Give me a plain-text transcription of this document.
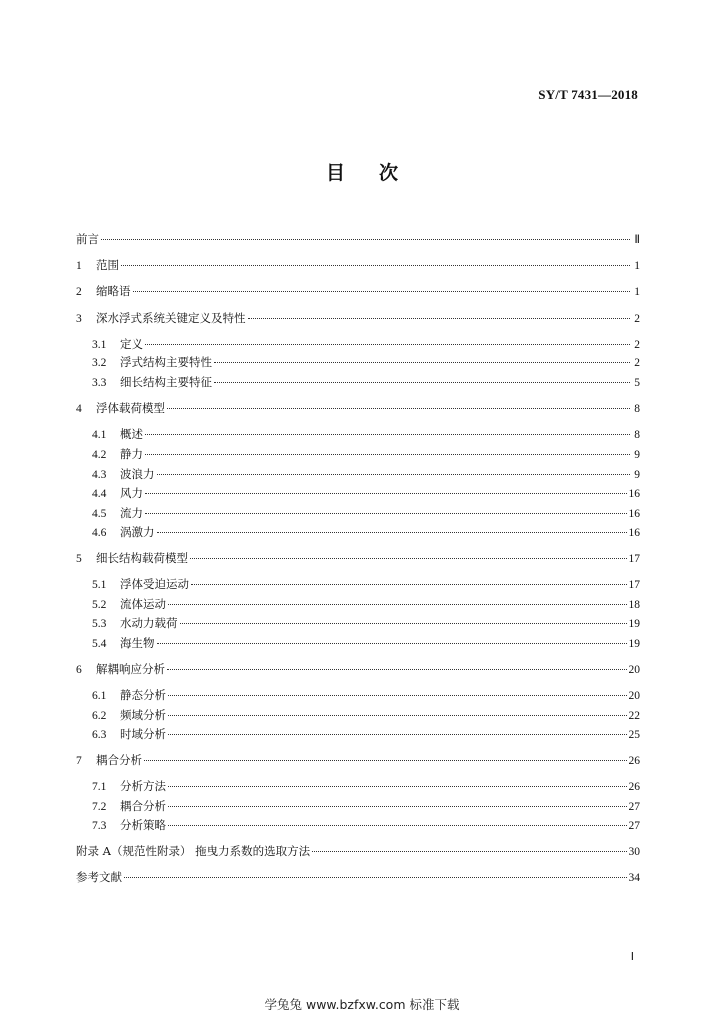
SY/T 7431—2018
目次
前言	Ⅱ
1	范围	1
2	缩略语	1
3	深水浮式系统关键定义及特性	2
3.1	定义	2
3.2	浮式结构主要特性	2
3.3	细长结构主要特征	5
4	浮体载荷模型	8
4.1	概述	8
4.2	静力	9
4.3	波浪力	9
4.4	风力	16
4.5	流力	16
4.6	涡激力	16
5	细长结构载荷模型	17
5.1	浮体受迫运动	17
5.2	流体运动	18
5.3	水动力载荷	19
5.4	海生物	19
6	解耦响应分析	20
6.1	静态分析	20
6.2	频域分析	22
6.3	时域分析	25
7	耦合分析	26
7.1	分析方法	26
7.2	耦合分析	27
7.3	分析策略	27
附录 A（规范性附录） 拖曳力系数的选取方法	30
参考文献	34
Ⅰ
学兔兔 www.bzfxw.com 标准下载
